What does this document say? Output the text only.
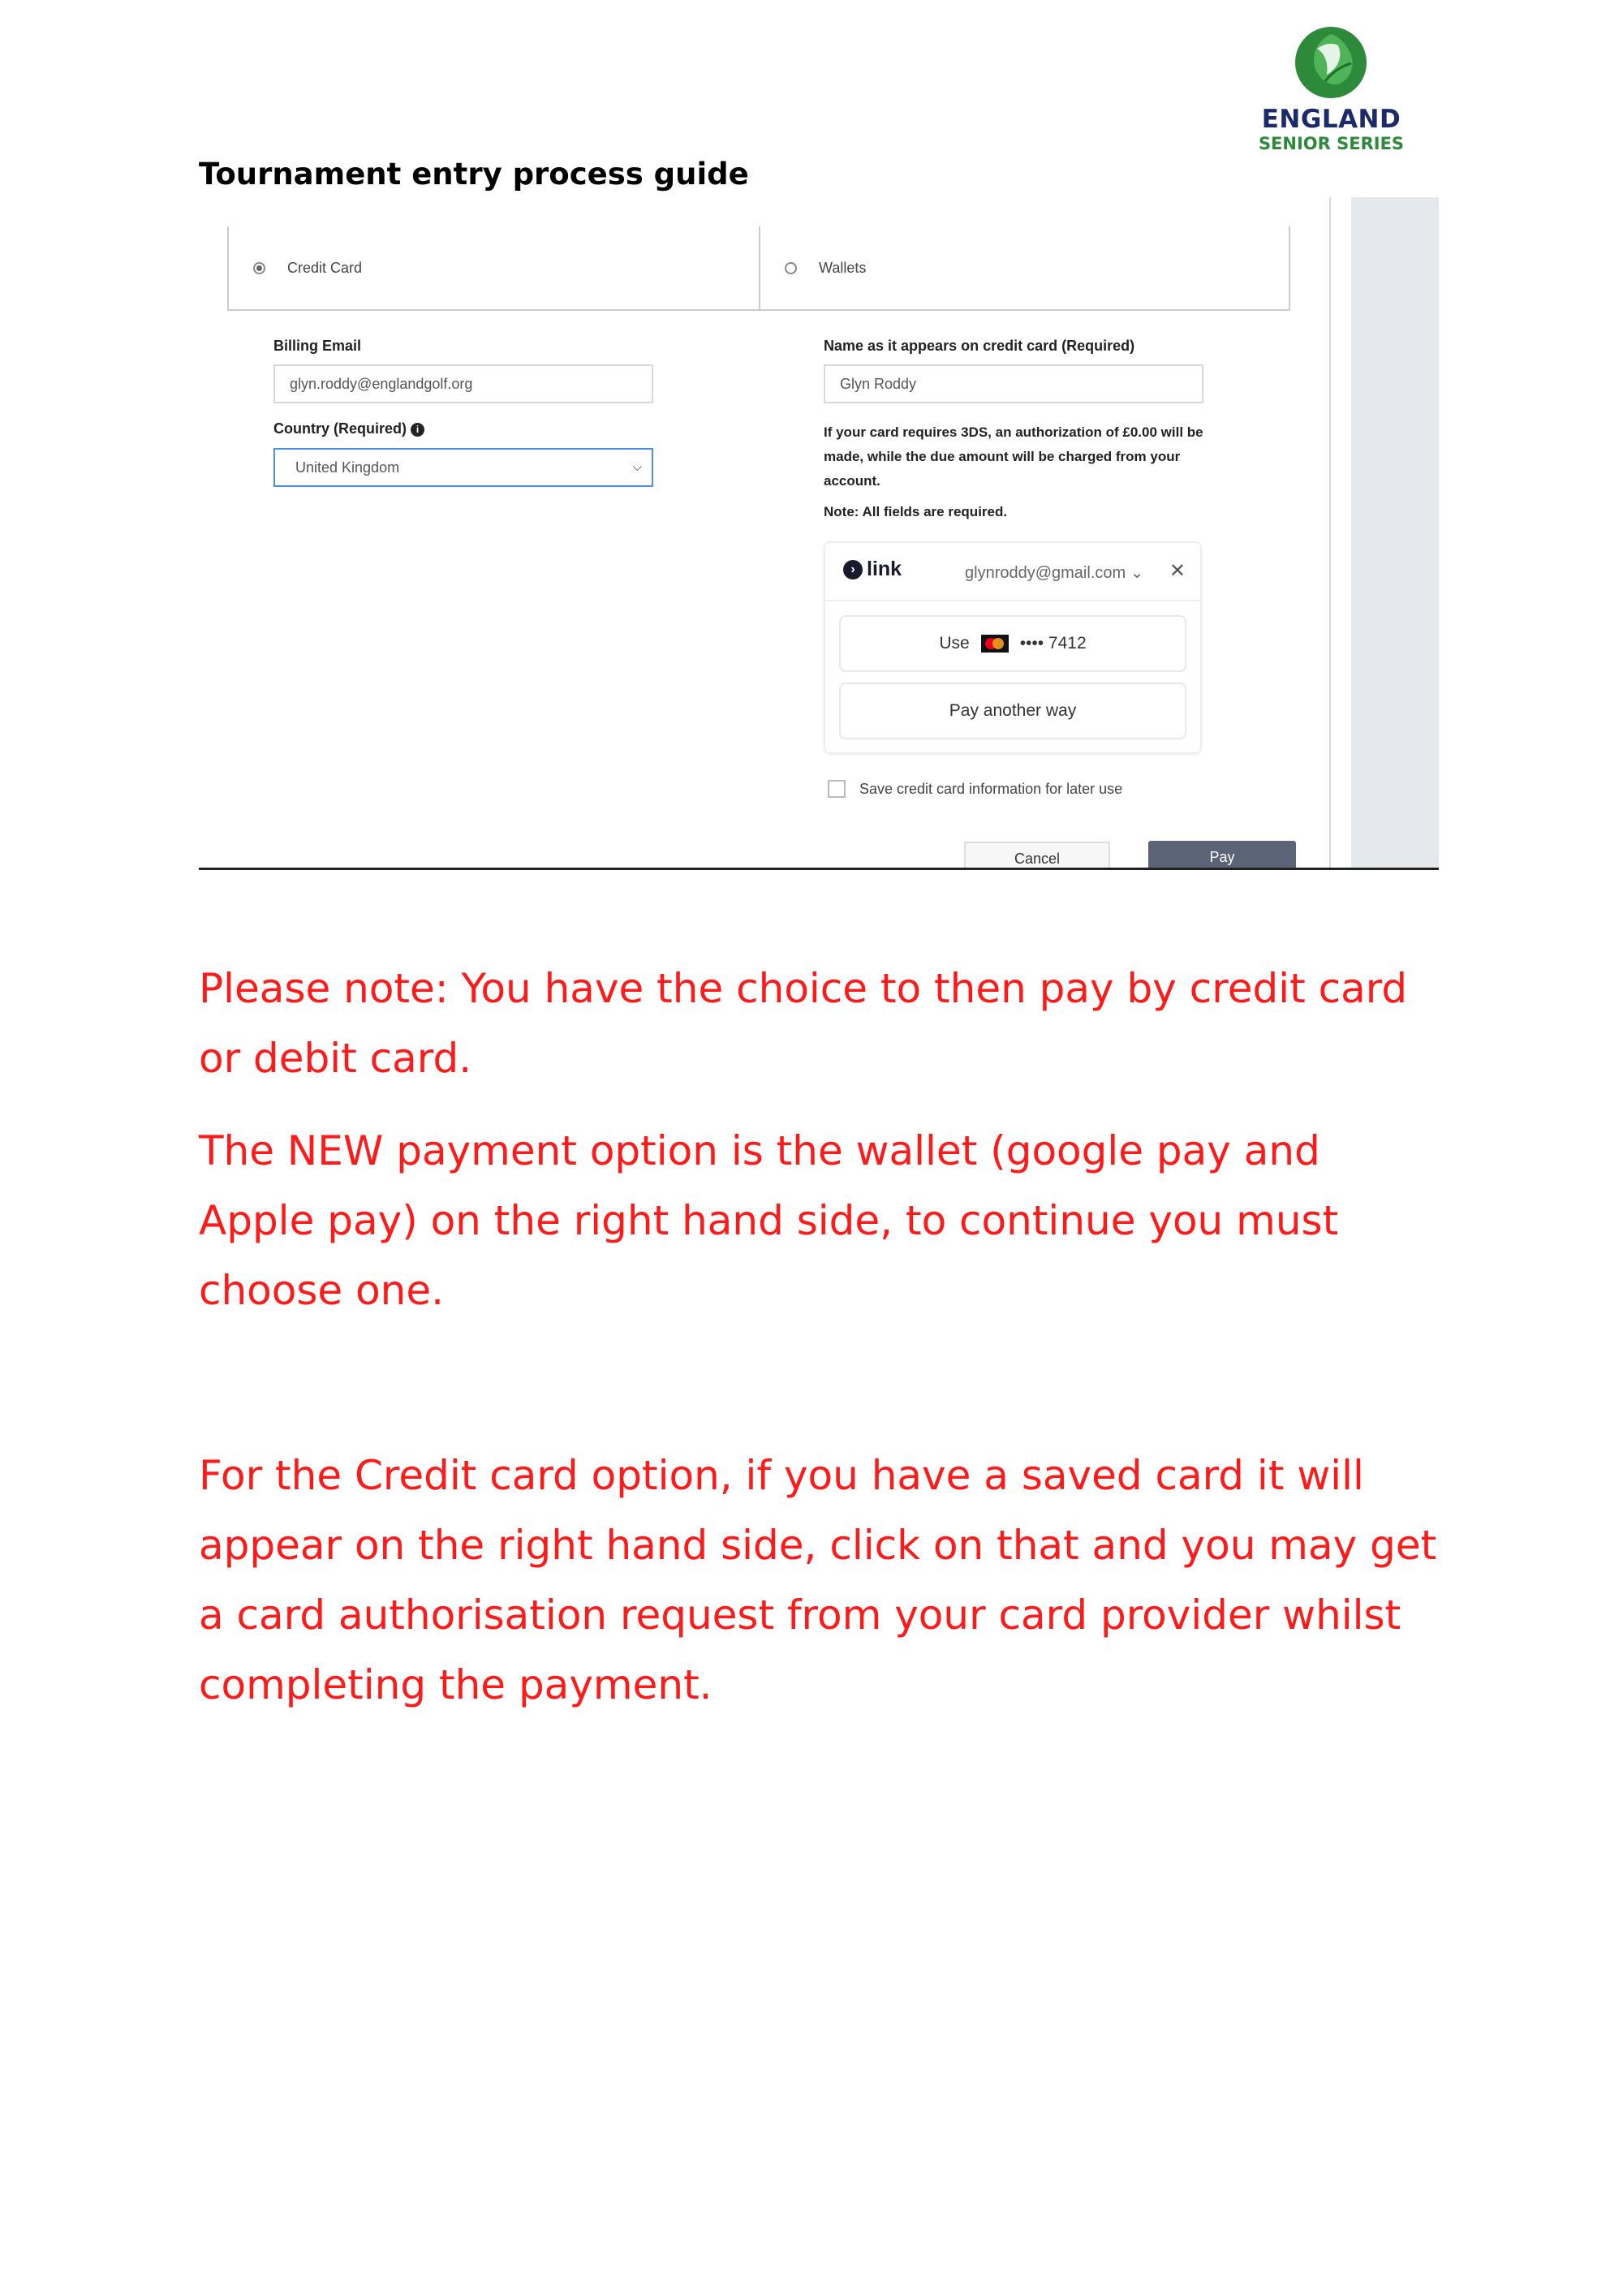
ENGLAND
SENIOR SERIES
Tournament entry process guide
Credit Card	Wallets
Billing Email
glyn.roddy@englandgolf.org
Country (Required) i
United Kingdom	⌵
Name as it appears on credit card (Required)
Glyn Roddy
If your card requires 3DS, an authorization of £0.00 will be made, while the due amount will be charged from your account.
Note: All fields are required.
› link	glynroddy@gmail.com ⌄ ✕
Use	•••• 7412
Pay another way
Save credit card information for later use
Cancel	Pay

Please note: You have the choice to then pay by credit card or debit card.

The NEW payment option is the wallet (google pay and Apple pay) on the right hand side, to continue you must choose one.

For the Credit card option, if you have a saved card it will appear on the right hand side, click on that and you may get a card authorisation request from your card provider whilst completing the payment.
